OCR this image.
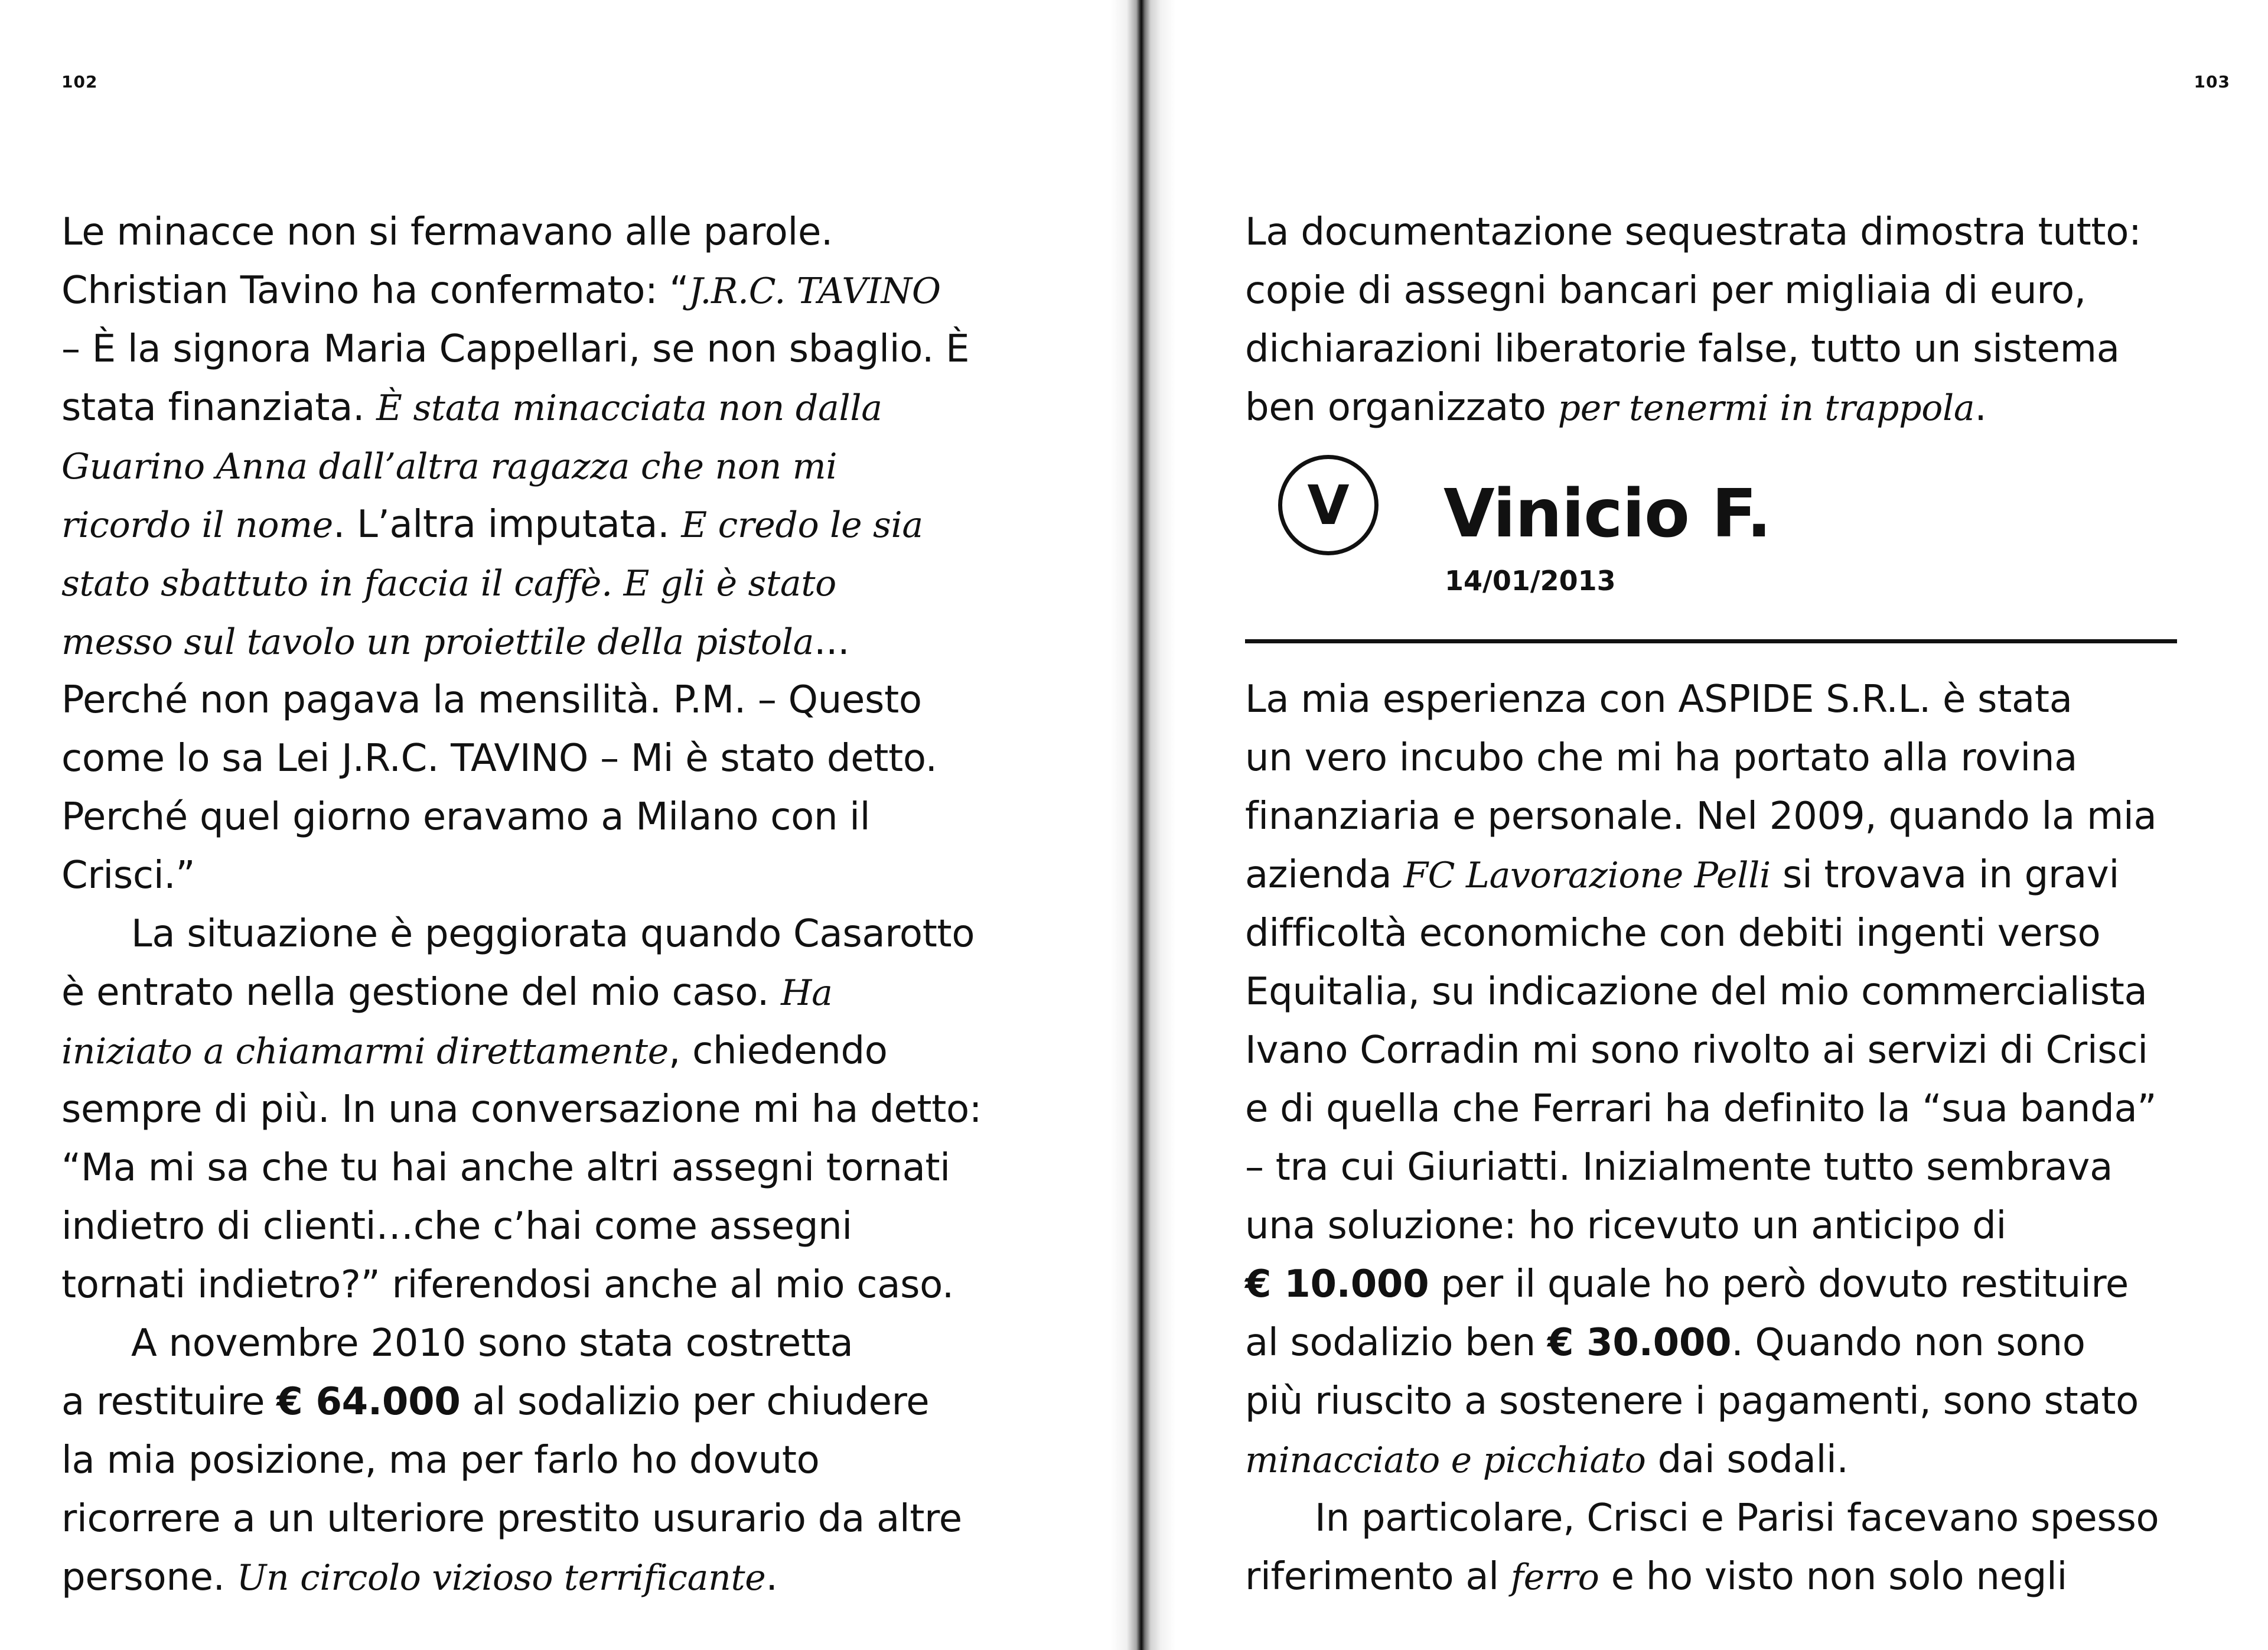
102
Le minacce non si fermavano alle parole.
Christian Tavino ha confermato: “J.R.C. TAVINO
– È la signora Maria Cappellari, se non sbaglio. È
stata finanziata. È stata minacciata non dalla
Guarino Anna dall’altra ragazza che non mi
ricordo il nome. L’altra imputata. E credo le sia
stato sbattuto in faccia il caffè. E gli è stato
messo sul tavolo un proiettile della pistola...
Perché non pagava la mensilità. P.M. – Questo
come lo sa Lei J.R.C. TAVINO – Mi è stato detto.
Perché quel giorno eravamo a Milano con il
Crisci.”
La situazione è peggiorata quando Casarotto
è entrato nella gestione del mio caso. Ha
iniziato a chiamarmi direttamente, chiedendo
sempre di più. In una conversazione mi ha detto:
“Ma mi sa che tu hai anche altri assegni tornati
indietro di clienti…che c’hai come assegni
tornati indietro?” riferendosi anche al mio caso.
A novembre 2010 sono stata costretta
a restituire € 64.000 al sodalizio per chiudere
la mia posizione, ma per farlo ho dovuto
ricorrere a un ulteriore prestito usurario da altre
persone. Un circolo vizioso terrificante.
103
La documentazione sequestrata dimostra tutto:
copie di assegni bancari per migliaia di euro,
dichiarazioni liberatorie false, tutto un sistema
ben organizzato per tenermi in trappola.
V Vinicio F.
14/01/2013
La mia esperienza con ASPIDE S.R.L. è stata
un vero incubo che mi ha portato alla rovina
finanziaria e personale. Nel 2009, quando la mia
azienda FC Lavorazione Pelli si trovava in gravi
difficoltà economiche con debiti ingenti verso
Equitalia, su indicazione del mio commercialista
Ivano Corradin mi sono rivolto ai servizi di Crisci
e di quella che Ferrari ha definito la “sua banda”
– tra cui Giuriatti. Inizialmente tutto sembrava
una soluzione: ho ricevuto un anticipo di
€ 10.000 per il quale ho però dovuto restituire
al sodalizio ben € 30.000. Quando non sono
più riuscito a sostenere i pagamenti, sono stato
minacciato e picchiato dai sodali.
In particolare, Crisci e Parisi facevano spesso
riferimento al ferro e ho visto non solo negli
